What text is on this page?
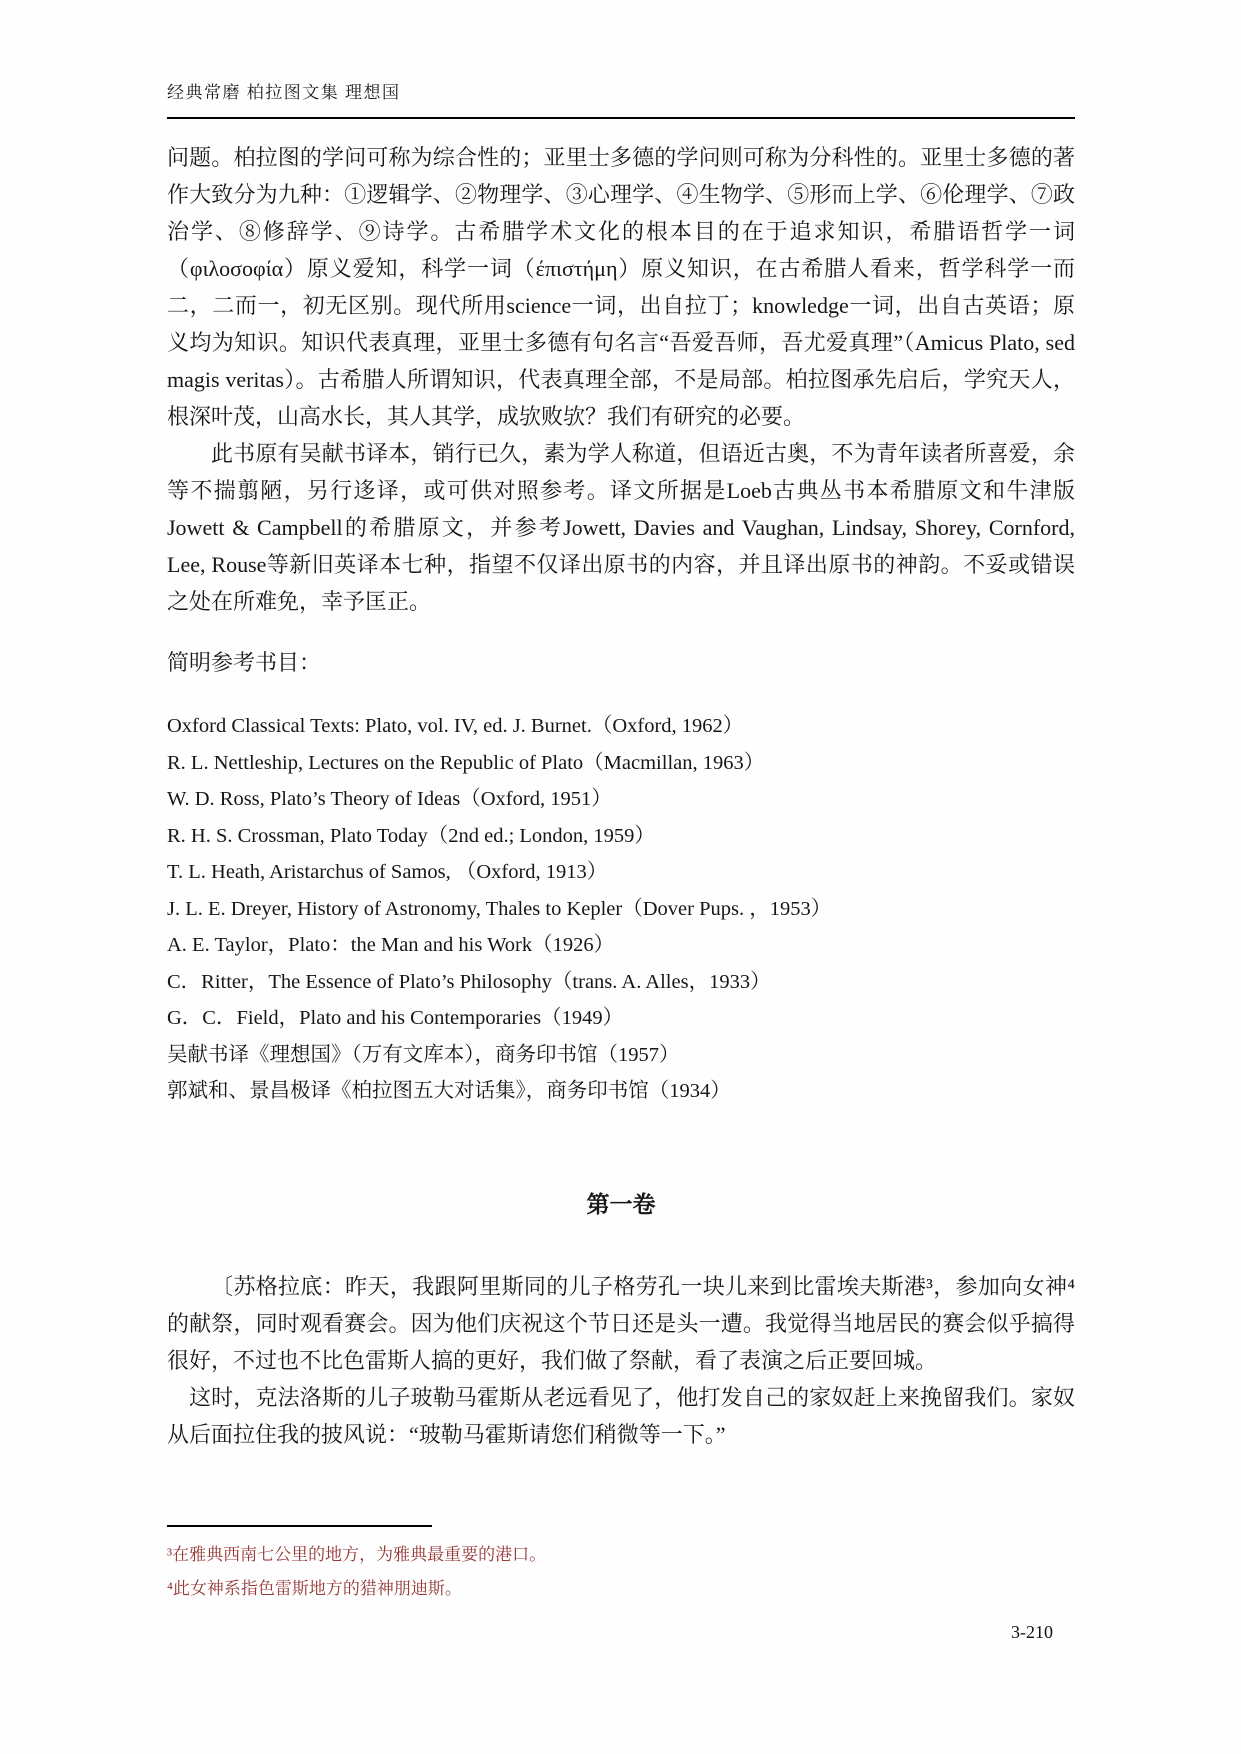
经典常磨 柏拉图文集 理想国

问题。柏拉图的学问可称为综合性的；亚里士多德的学问则可称为分科性的。亚里士多德的著作大致分为九种：①逻辑学、②物理学、③心理学、④生物学、⑤形而上学、⑥伦理学、⑦政治学、⑧修辞学、⑨诗学。古希腊学术文化的根本目的在于追求知识，希腊语哲学一词（φιλοσοφία）原义爱知，科学一词（έπιστήμη）原义知识，在古希腊人看来，哲学科学一而二，二而一，初无区别。现代所用science一词，出自拉丁；knowledge一词，出自古英语；原义均为知识。知识代表真理，亚里士多德有句名言“吾爱吾师，吾尤爱真理”（Amicus Plato, sed magis veritas）。古希腊人所谓知识，代表真理全部，不是局部。柏拉图承先启后，学究天人，根深叶茂，山高水长，其人其学，成欤败欤？我们有研究的必要。

此书原有吴献书译本，销行已久，素为学人称道，但语近古奥，不为青年读者所喜爱，余等不揣翦陋，另行迻译，或可供对照参考。译文所据是Loeb古典丛书本希腊原文和牛津版Jowett & Campbell的希腊原文，并参考Jowett, Davies and Vaughan, Lindsay, Shorey, Cornford, Lee, Rouse等新旧英译本七种，指望不仅译出原书的内容，并且译出原书的神韵。不妥或错误之处在所难免，幸予匡正。

简明参考书目：

Oxford Classical Texts: Plato, vol. IV, ed. J. Burnet.（Oxford, 1962）
R. L. Nettleship, Lectures on the Republic of Plato（Macmillan, 1963）
W. D. Ross, Plato’s Theory of Ideas（Oxford, 1951）
R. H. S. Crossman, Plato Today（2nd ed.; London, 1959）
T. L. Heath, Aristarchus of Samos, （Oxford, 1913）
J. L. E. Dreyer, History of Astronomy, Thales to Kepler（Dover Pups. ，1953）
A. E. Taylor，Plato：the Man and his Work（1926）
C．Ritter，The Essence of Plato’s Philosophy（trans. A. Alles，1933）
G．C．Field，Plato and his Contemporaries（1949）
吴献书译《理想国》（万有文库本），商务印书馆（1957）
郭斌和、景昌极译《柏拉图五大对话集》，商务印书馆（1934）
第一卷

〔苏格拉底：昨天，我跟阿里斯同的儿子格劳孔一块儿来到比雷埃夫斯港³，参加向女神⁴的献祭，同时观看赛会。因为他们庆祝这个节日还是头一遭。我觉得当地居民的赛会似乎搞得很好，不过也不比色雷斯人搞的更好，我们做了祭献，看了表演之后正要回城。

这时，克法洛斯的儿子玻勒马霍斯从老远看见了，他打发自己的家奴赶上来挽留我们。家奴从后面拉住我的披风说：“玻勒马霍斯请您们稍微等一下。”

³在雅典西南七公里的地方，为雅典最重要的港口。
⁴此女神系指色雷斯地方的猎神朋迪斯。
3-210
